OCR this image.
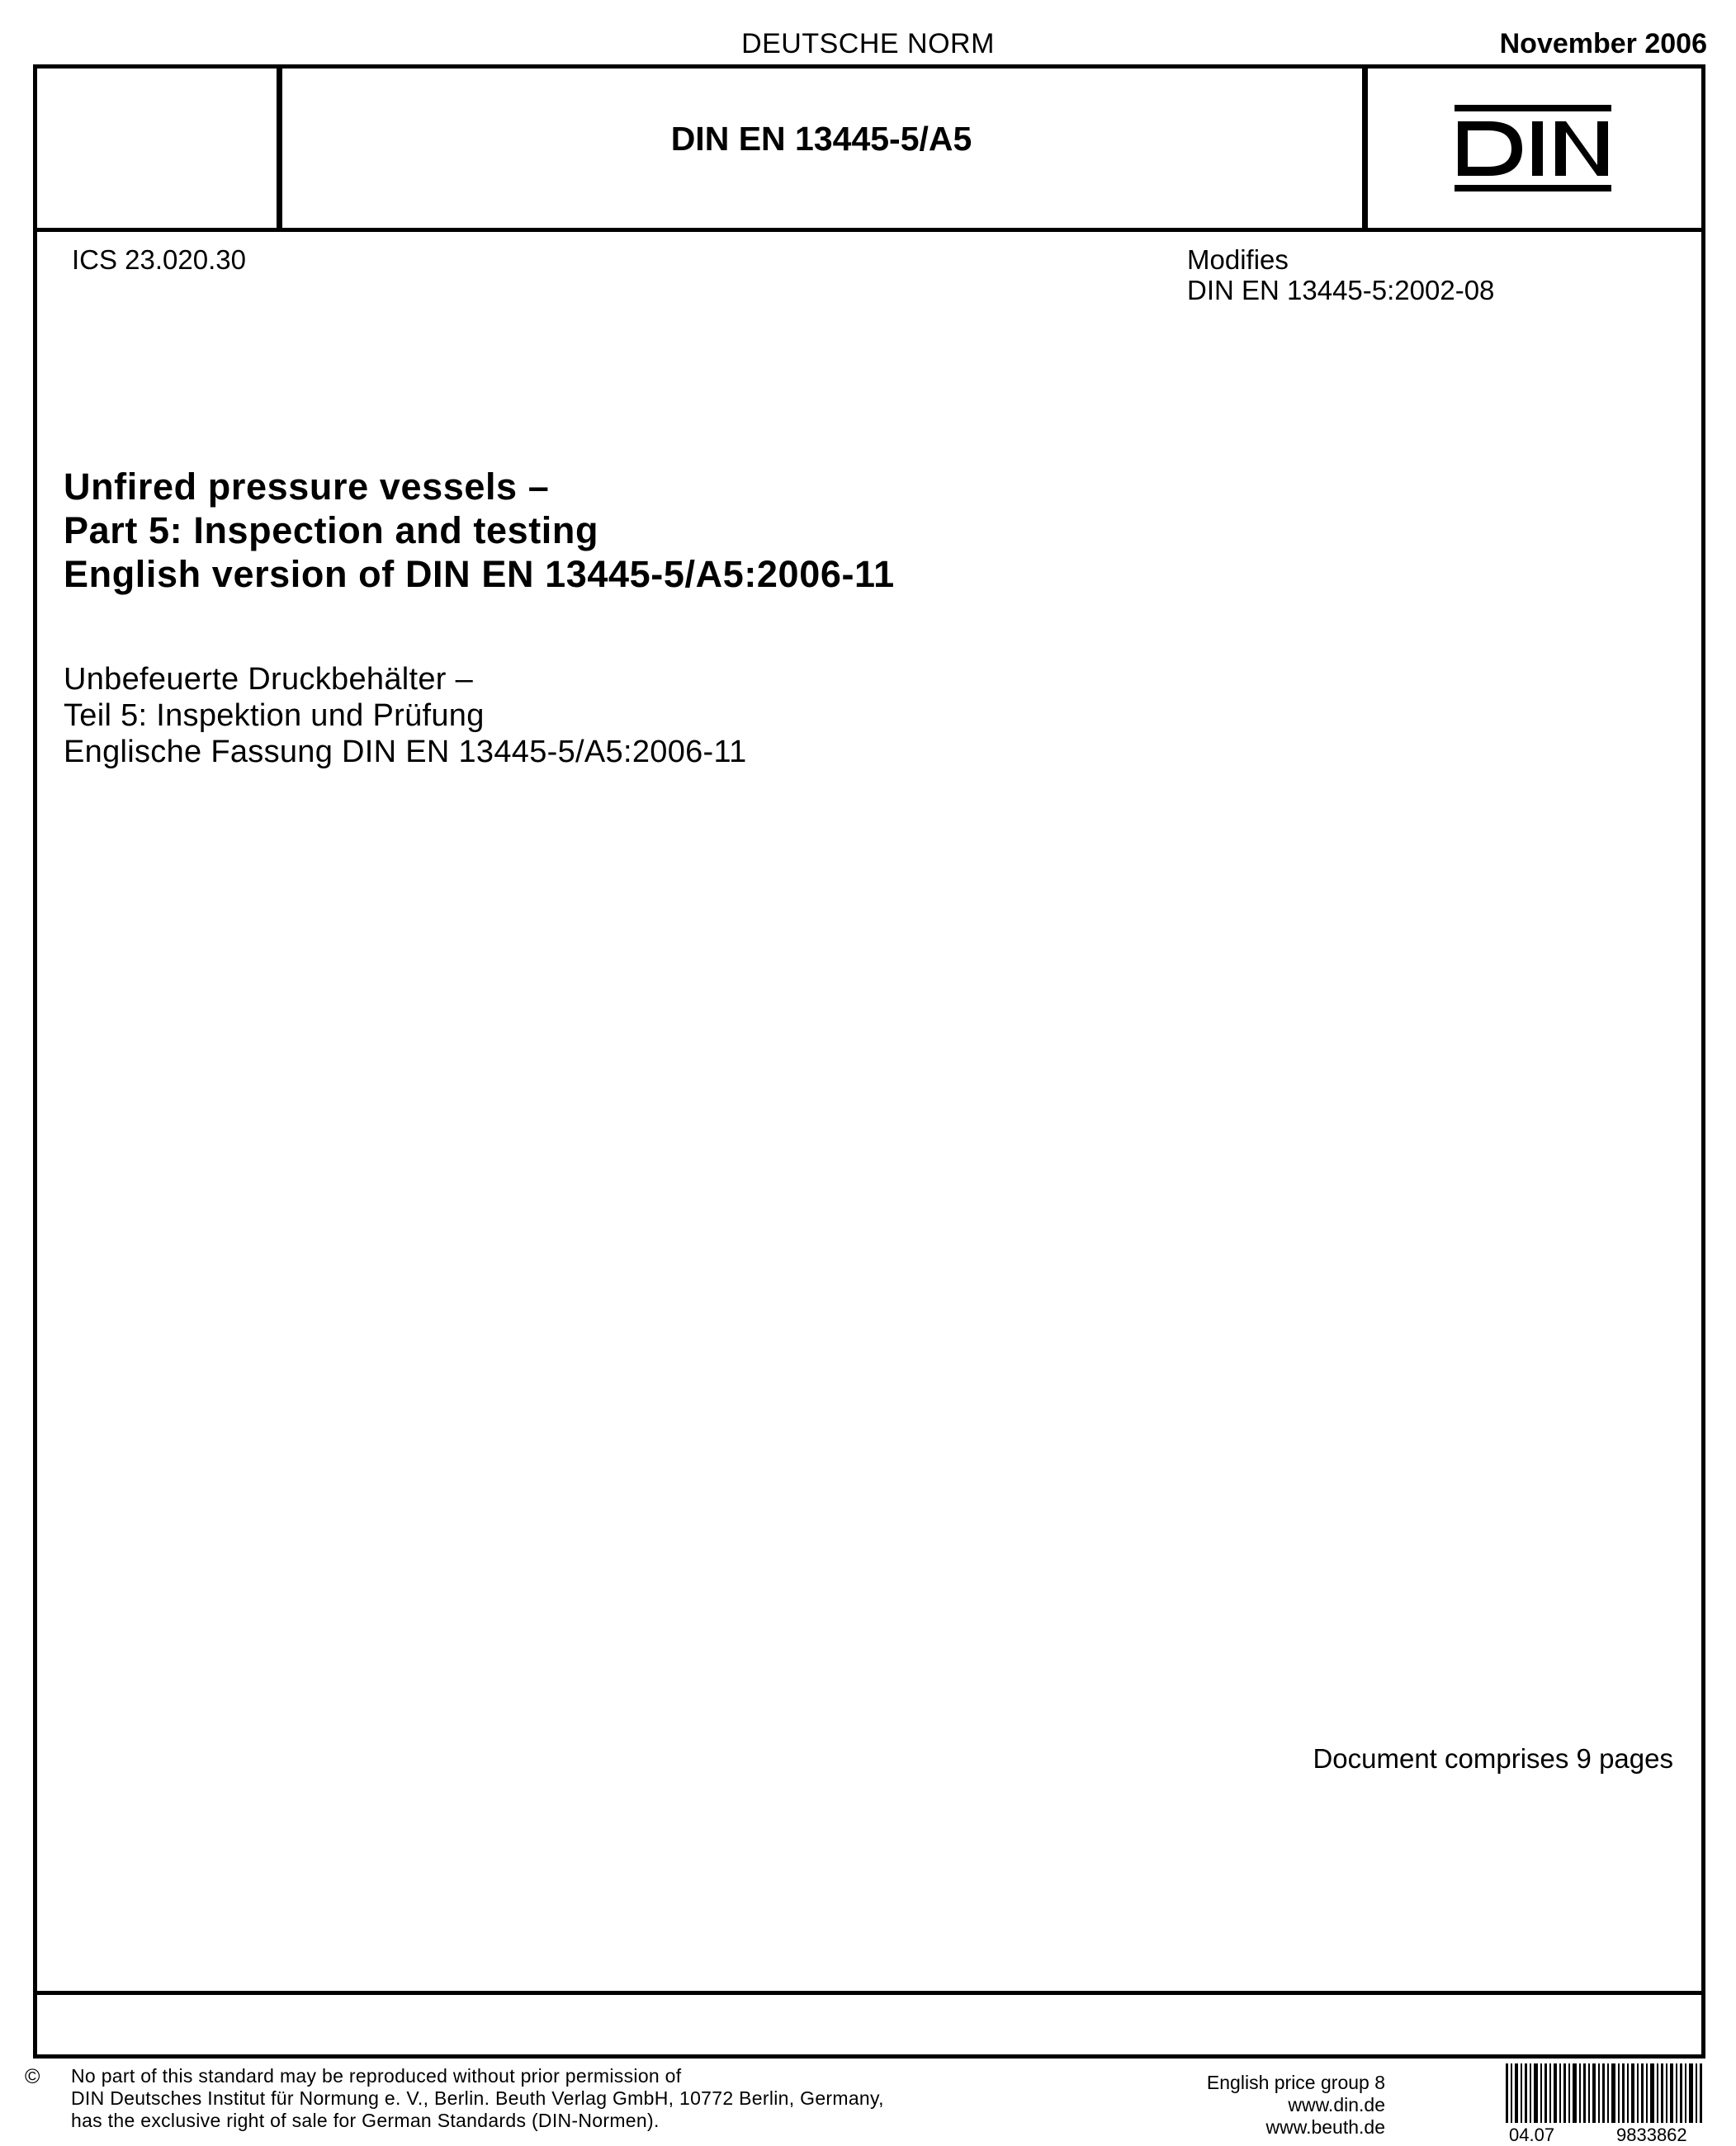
DEUTSCHE NORM	November 2006
DIN EN 13445-5/A5
ICS 23.020.30	Modifies
DIN EN 13445-5:2002-08
Unfired pressure vessels –
Part 5: Inspection and testing
English version of DIN EN 13445-5/A5:2006-11
Unbefeuerte Druckbehälter –
Teil 5: Inspektion und Prüfung
Englische Fassung DIN EN 13445-5/A5:2006-11
Document comprises 9 pages
© No part of this standard may be reproduced without prior permission of
DIN Deutsches Institut für Normung e. V., Berlin. Beuth Verlag GmbH, 10772 Berlin, Germany,
has the exclusive right of sale for German Standards (DIN-Normen).
English price group 8
www.din.de
www.beuth.de	04.07	9833862
